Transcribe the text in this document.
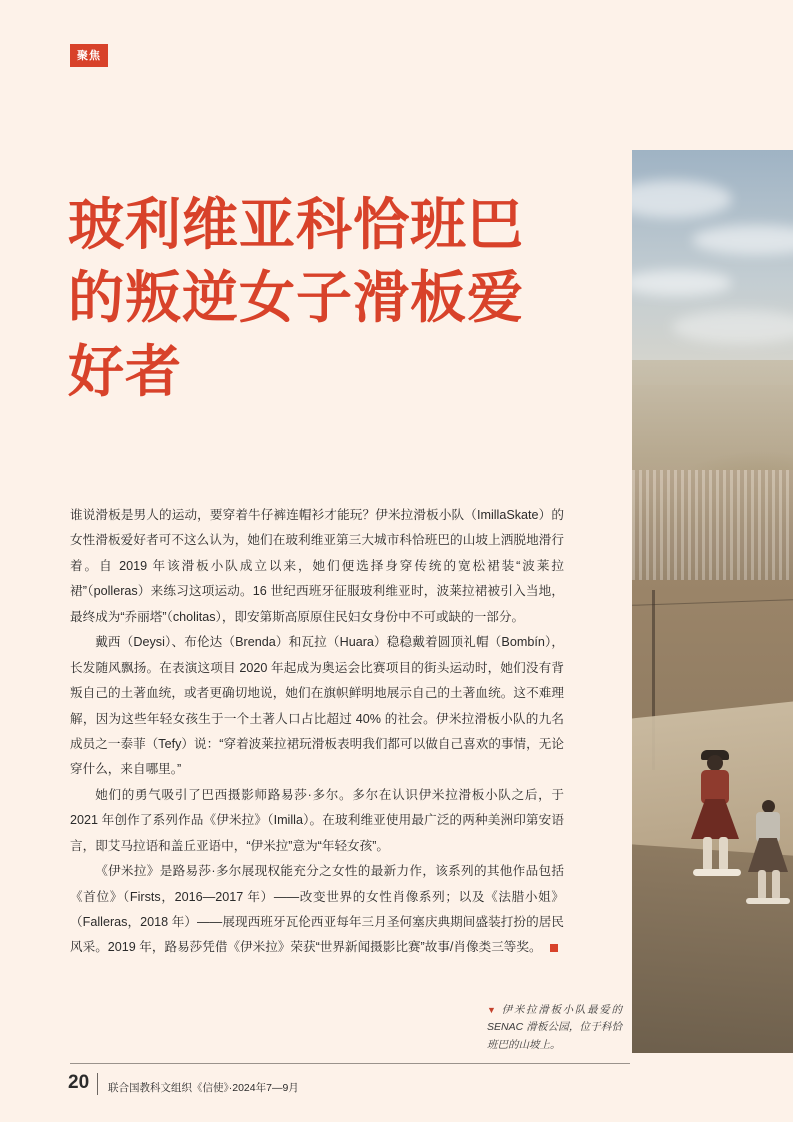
聚焦
▼ 伊米拉滑板小队最爱的 SENAC 滑板公园，位于科恰班巴的山坡上。
玻利维亚科恰班巴的叛逆女子滑板爱好者

谁说滑板是男人的运动，要穿着牛仔裤连帽衫才能玩？伊米拉滑板小队（ImillaSkate）的女性滑板爱好者可不这么认为，她们在玻利维亚第三大城市科恰班巴的山坡上洒脱地滑行着。自 2019 年该滑板小队成立以来，她们便选择身穿传统的宽松裙装“波莱拉裙”（polleras）来练习这项运动。16 世纪西班牙征服玻利维亚时，波莱拉裙被引入当地，最终成为“乔丽塔”（cholitas），即安第斯高原原住民妇女身份中不可或缺的一部分。

戴西（Deysi）、布伦达（Brenda）和瓦拉（Huara）稳稳戴着圆顶礼帽（Bombín），长发随风飘扬。在表演这项目 2020 年起成为奥运会比赛项目的街头运动时，她们没有背叛自己的土著血统，或者更确切地说，她们在旗帜鲜明地展示自己的土著血统。这不难理解，因为这些年轻女孩生于一个土著人口占比超过 40% 的社会。伊米拉滑板小队的九名成员之一泰菲（Tefy）说：“穿着波莱拉裙玩滑板表明我们都可以做自己喜欢的事情，无论穿什么，来自哪里。”

她们的勇气吸引了巴西摄影师路易莎·多尔。多尔在认识伊米拉滑板小队之后，于 2021 年创作了系列作品《伊米拉》（Imilla）。在玻利维亚使用最广泛的两种美洲印第安语言，即艾马拉语和盖丘亚语中，“伊米拉”意为“年轻女孩”。

《伊米拉》是路易莎·多尔展现权能充分之女性的最新力作，该系列的其他作品包括《首位》（Firsts，2016—2017 年）——改变世界的女性肖像系列；以及《法腊小姐》（Falleras，2018 年）——展现西班牙瓦伦西亚每年三月圣何塞庆典期间盛装打扮的居民风采。2019 年，路易莎凭借《伊米拉》荣获“世界新闻摄影比赛”故事/肖像类三等奖。

20 联合国教科文组织《信使》·2024年7—9月
